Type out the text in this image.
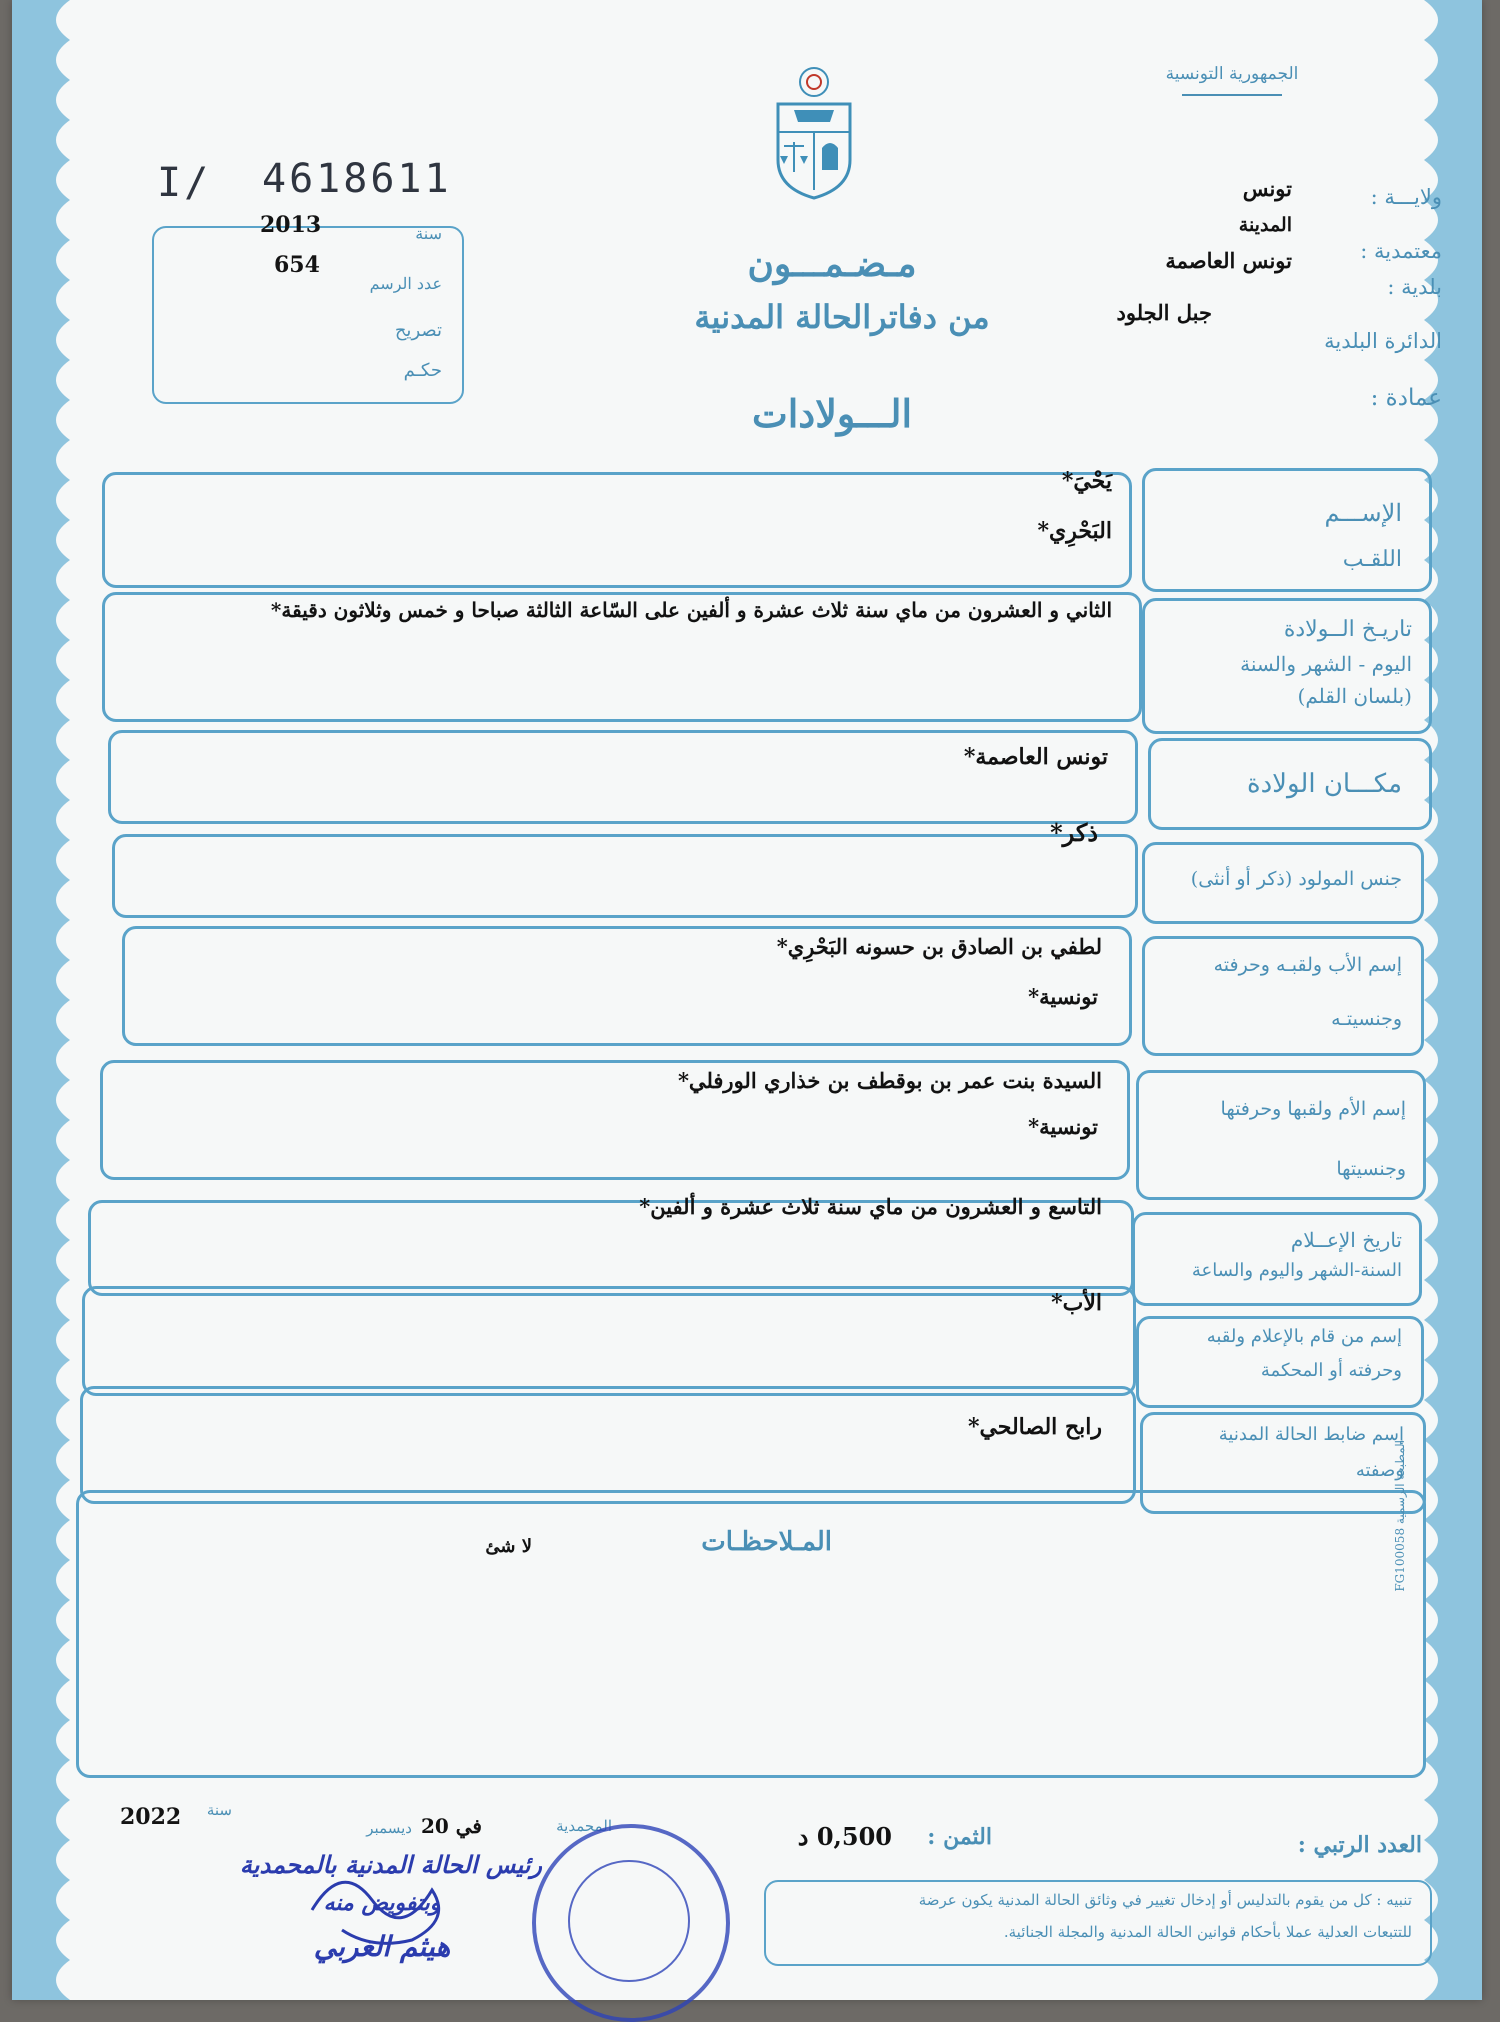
الجمهورية التونسية
ولايـــة :
تونس
المدينة
معتمدية :
تونس العاصمة
بلدية :
جبل الجلود
الدائرة البلدية
عمادة :
مـضـمـــون
من دفاترالحالة المدنية
الـــولادات
I/ 4618611
سنة
2013
عدد الرسم
654
تصريح
حكـم
الإســـم
اللقـب
يَحْيَ*
البَحْرِي*
تاريـخ الــولادة
اليوم - الشهر والسنة
(بلسان القلم)
الثاني و العشرون من ماي سنة ثلاث عشرة و ألفين على السّاعة الثالثة صباحا و خمس وثلاثون دقيقة*
مكـــان الولادة
تونس العاصمة*
جنس المولود (ذكر أو أنثى)
ذكر*
إسم الأب ولقبـه وحرفته
وجنسيتـه
لطفي بن الصادق بن حسونه البَحْرِي*
تونسية*
إسم الأم ولقبها وحرفتها
وجنسيتها
السيدة بنت عمر بن بوقطف بن خذاري الورفلي*
تونسية*
تاريخ الإعــلام
السنة-الشهر واليوم والساعة
التاسع و العشرون من ماي سنة ثلاث عشرة و ألفين*
إسم من قام بالإعلام ولقبه
وحرفته أو المحكمة
الأب*
إسم ضابط الحالة المدنية
وصفته
رابح الصالحي*
المـلاحظـات
لا شئ	المطبعة الرسمية FG100058
العدد الرتبي :
الثمن :
0,500 د
المحمدية
في 20
ديسمبر
سنة
2022
رئيس الحالة المدنية بالمحمدية
وبتفويض منه
هيثم الغربي
تنبيه : كل من يقوم بالتدليس أو إدخال تغيير في وثائق الحالة المدنية يكون عرضة
للتتبعات العدلية عملا بأحكام قوانين الحالة المدنية والمجلة الجنائية.
